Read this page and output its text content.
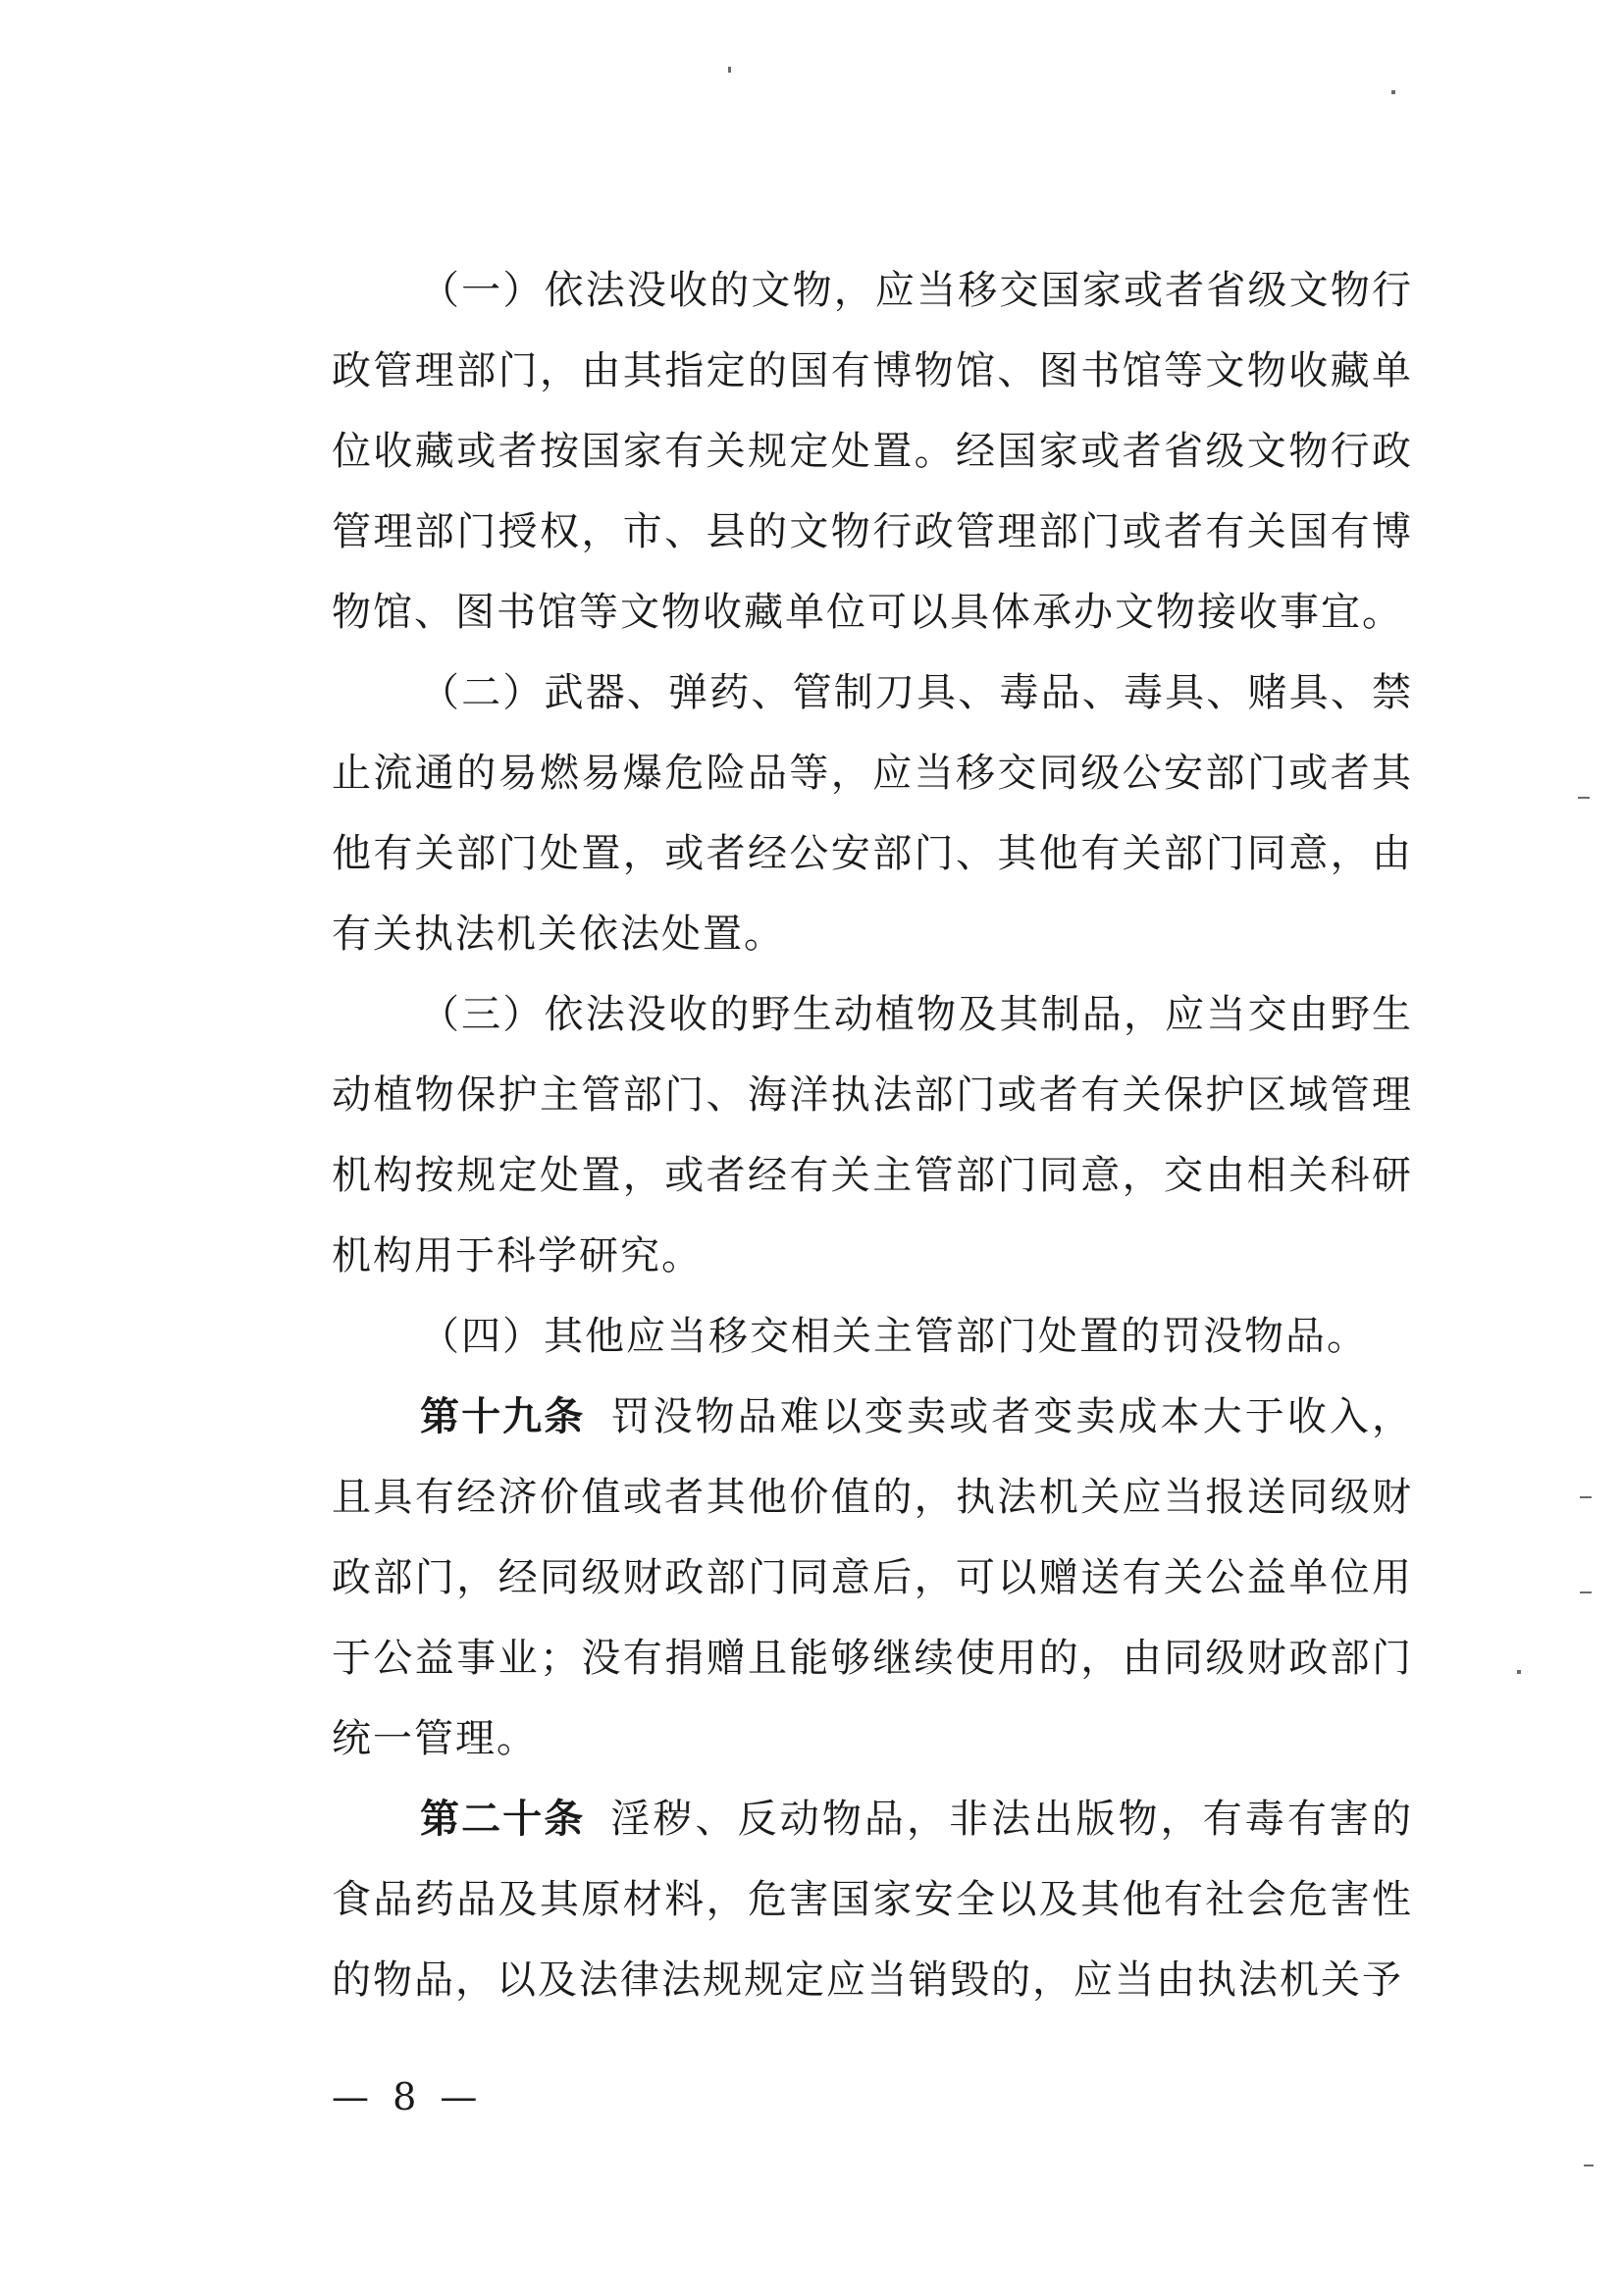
（一）依法没收的文物，应当移交国家或者省级文物行政管理部门，由其指定的国有博物馆、图书馆等文物收藏单位收藏或者按国家有关规定处置。经国家或者省级文物行政管理部门授权，市、县的文物行政管理部门或者有关国有博物馆、图书馆等文物收藏单位可以具体承办文物接收事宜。

（二）武器、弹药、管制刀具、毒品、毒具、赌具、禁止流通的易燃易爆危险品等，应当移交同级公安部门或者其他有关部门处置，或者经公安部门、其他有关部门同意，由有关执法机关依法处置。

（三）依法没收的野生动植物及其制品，应当交由野生动植物保护主管部门、海洋执法部门或者有关保护区域管理机构按规定处置，或者经有关主管部门同意，交由相关科研机构用于科学研究。

（四）其他应当移交相关主管部门处置的罚没物品。

第十九条 罚没物品难以变卖或者变卖成本大于收入，且具有经济价值或者其他价值的，执法机关应当报送同级财政部门，经同级财政部门同意后，可以赠送有关公益单位用于公益事业；没有捐赠且能够继续使用的，由同级财政部门统一管理。

第二十条 淫秽、反动物品，非法出版物，有毒有害的食品药品及其原材料，危害国家安全以及其他有社会危害性的物品，以及法律法规规定应当销毁的，应当由执法机关予

— 8 —
